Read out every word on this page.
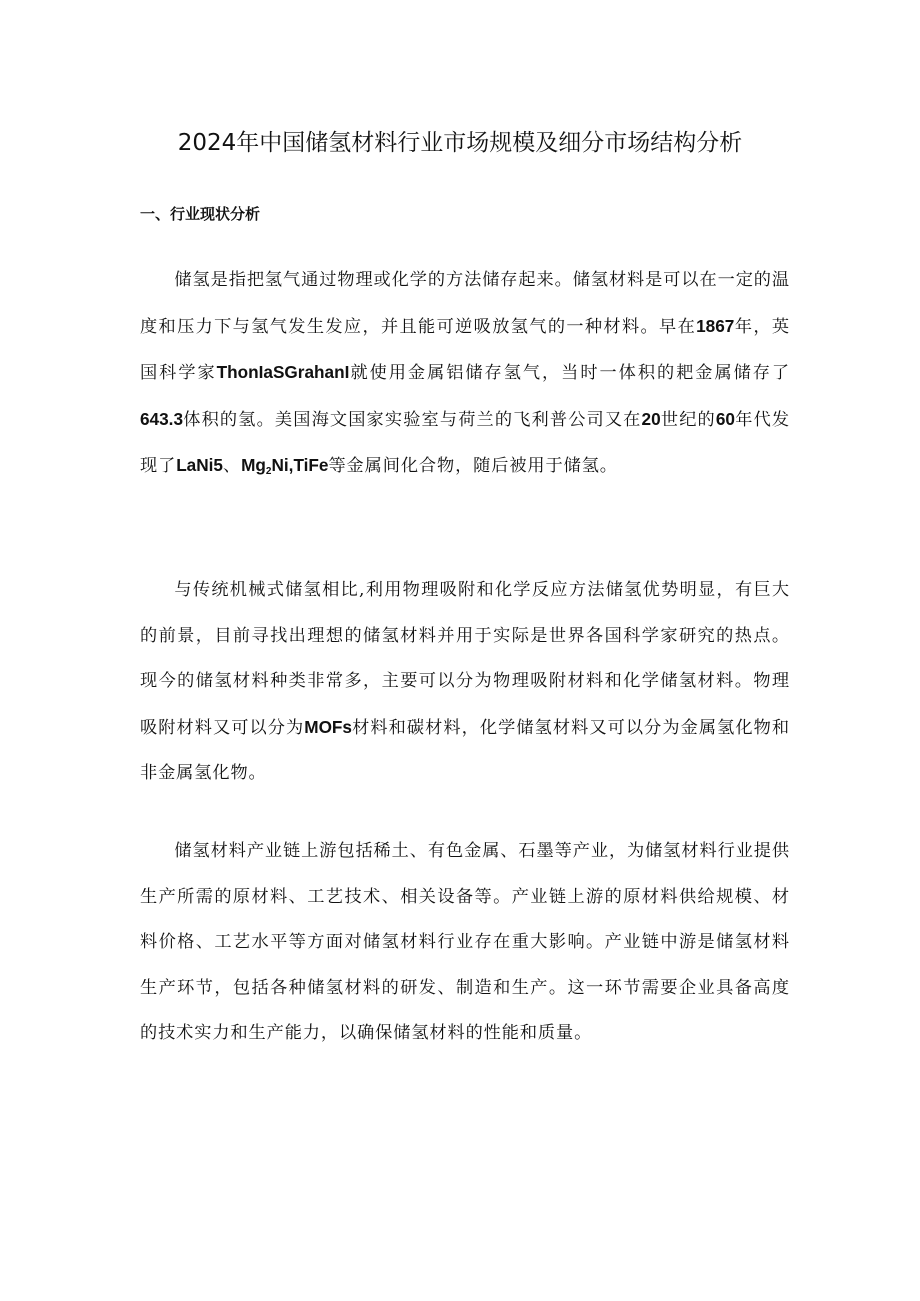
2024年中国储氢材料行业市场规模及细分市场结构分析
一、行业现状分析

储氢是指把氢气通过物理或化学的方法储存起来。储氢材料是可以在一定的温度和压力下与氢气发生发应，并且能可逆吸放氢气的一种材料。早在1867年，英国科学家ThonIaSGrahanI就使用金属铝储存氢气，当时一体积的耙金属储存了643.3体积的氢。美国海文国家实验室与荷兰的飞利普公司又在20世纪的60年代发现了LaNi5、$Mg_2Ni,TiFe$等金属间化合物，随后被用于储氢。

与传统机械式储氢相比,利用物理吸附和化学反应方法储氢优势明显，有巨大的前景，目前寻找出理想的储氢材料并用于实际是世界各国科学家研究的热点。现今的储氢材料种类非常多，主要可以分为物理吸附材料和化学储氢材料。物理吸附材料又可以分为MOFs材料和碳材料，化学储氢材料又可以分为金属氢化物和非金属氢化物。

储氢材料产业链上游包括稀土、有色金属、石墨等产业，为储氢材料行业提供生产所需的原材料、工艺技术、相关设备等。产业链上游的原材料供给规模、材料价格、工艺水平等方面对储氢材料行业存在重大影响。产业链中游是储氢材料生产环节，包括各种储氢材料的研发、制造和生产。这一环节需要企业具备高度的技术实力和生产能力，以确保储氢材料的性能和质量。
